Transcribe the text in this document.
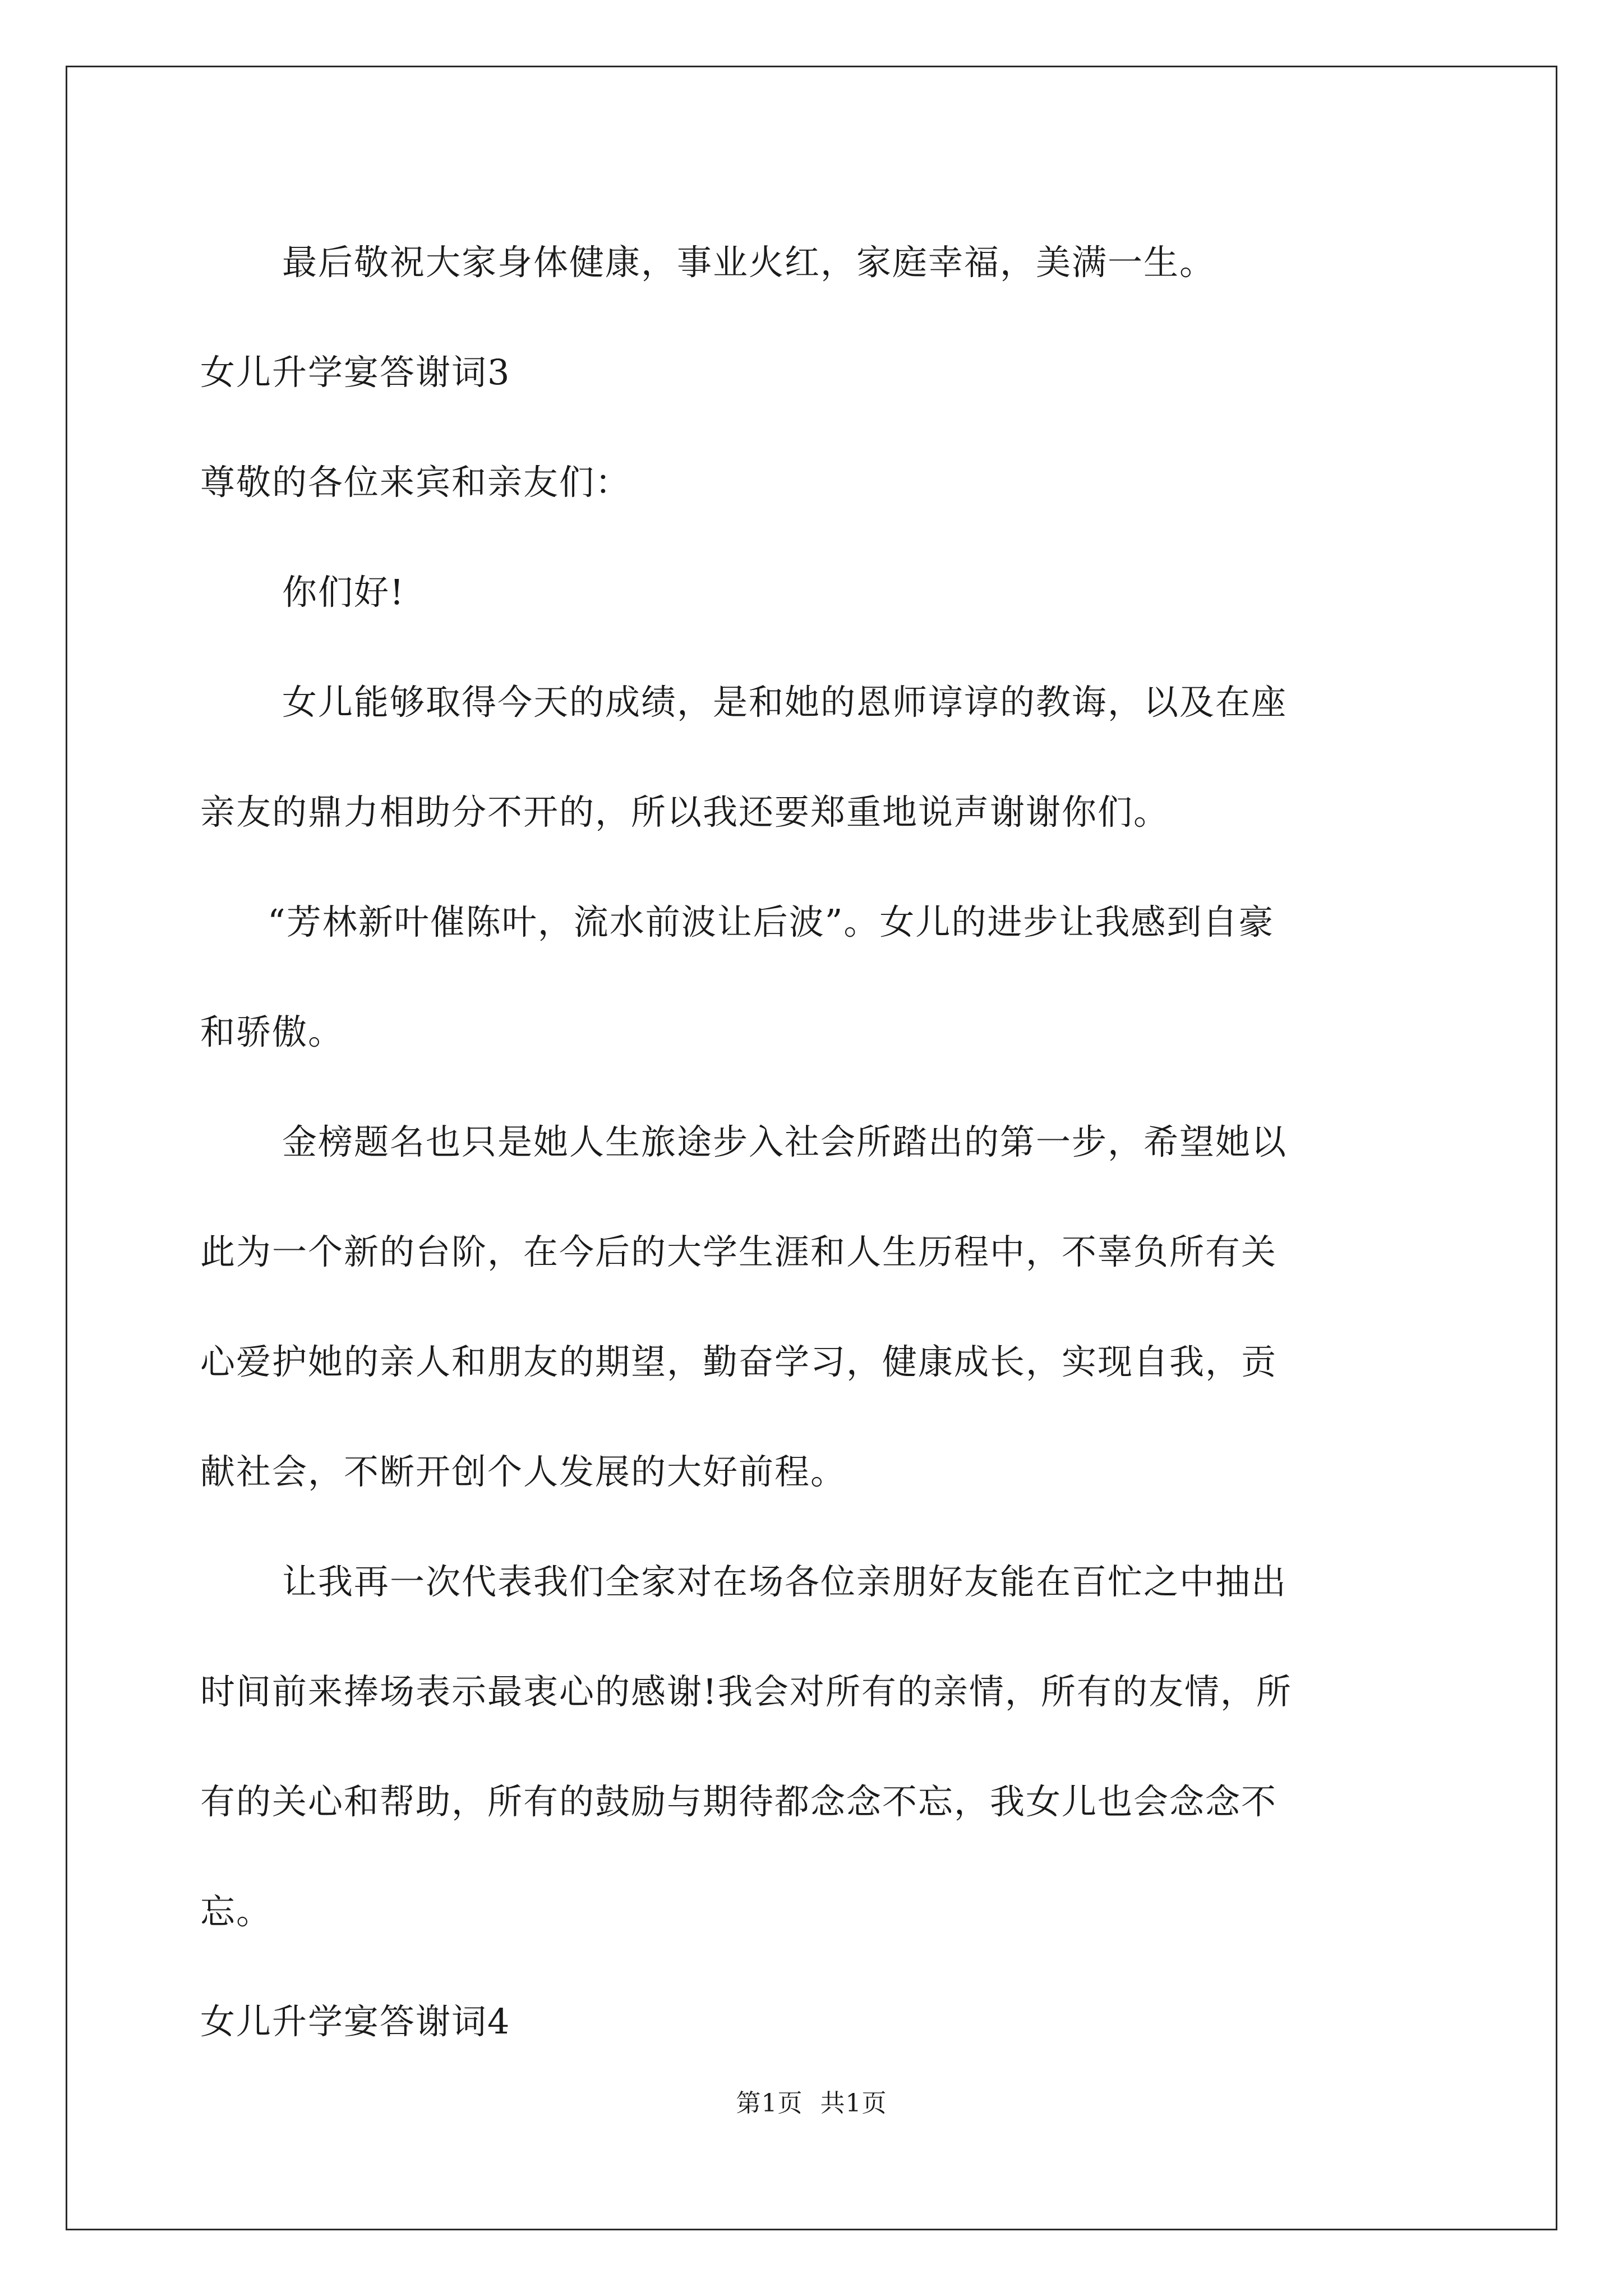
最后敬祝大家身体健康，事业火红，家庭幸福，美满一生。
女儿升学宴答谢词3
尊敬的各位来宾和亲友们：
你们好!
女儿能够取得今天的成绩，是和她的恩师谆谆的教诲，以及在座
亲友的鼎力相助分不开的，所以我还要郑重地说声谢谢你们。
“芳林新叶催陈叶，流水前波让后波”。女儿的进步让我感到自豪
和骄傲。
金榜题名也只是她人生旅途步入社会所踏出的第一步，希望她以
此为一个新的台阶，在今后的大学生涯和人生历程中，不辜负所有关
心爱护她的亲人和朋友的期望，勤奋学习，健康成长，实现自我，贡
献社会，不断开创个人发展的大好前程。
让我再一次代表我们全家对在场各位亲朋好友能在百忙之中抽出
时间前来捧场表示最衷心的感谢!我会对所有的亲情，所有的友情，所
有的关心和帮助，所有的鼓励与期待都念念不忘，我女儿也会念念不
忘。
女儿升学宴答谢词4
第1页 共1页
